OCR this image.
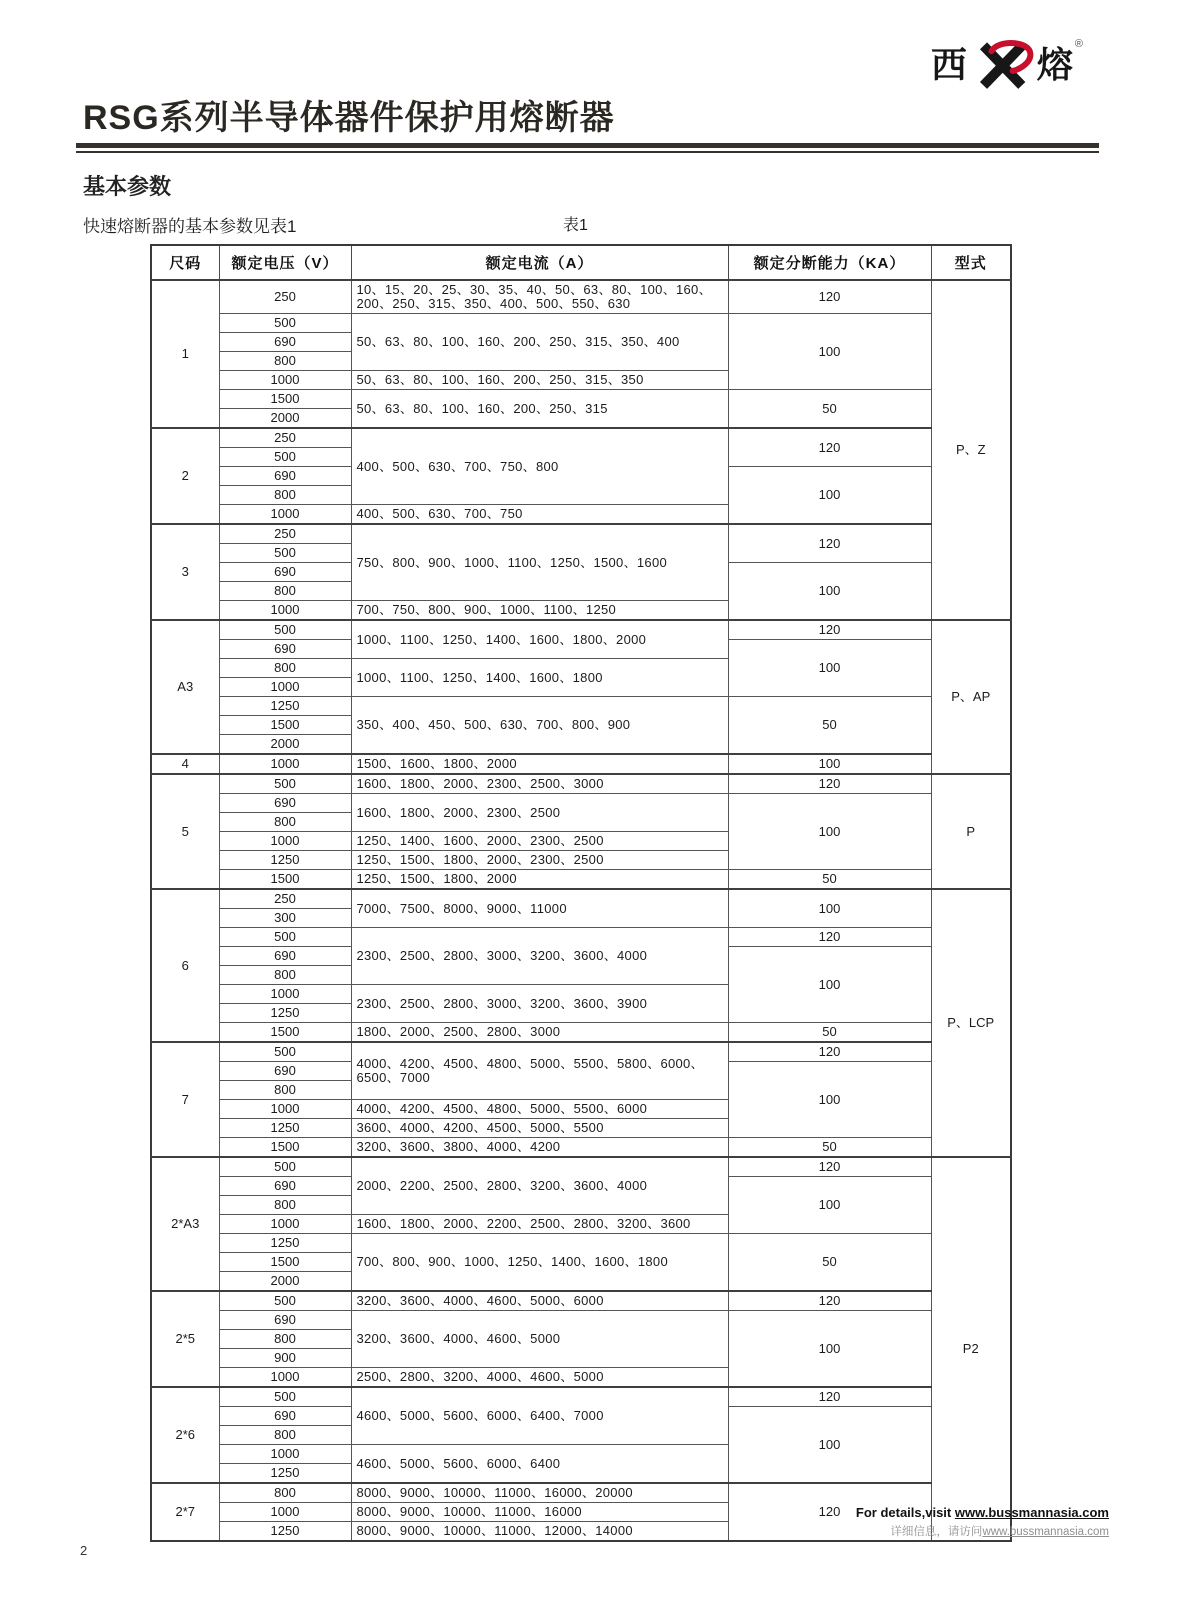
西 熔 ®
RSG系列半导体器件保护用熔断器
基本参数
快速熔断器的基本参数见表1	表1
尺码	额定电压（V）	额定电流（A）	额定分断能力（KA）	型式
1	250	10、15、20、25、30、35、40、50、63、80、100、160、200、250、315、350、400、500、550、630	120	P、Z
	500	50、63、80、100、160、200、250、315、350、400	100	
	690			
	800			
	1000	50、63、80、100、160、200、250、315、350		
	1500	50、63、80、100、160、200、250、315	50	
	2000			
2	250	400、500、630、700、750、800	120	
	500			
	690		100	
	800			
	1000	400、500、630、700、750		
3	250	750、800、900、1000、1100、1250、1500、1600	120	
	500			
	690		100	
	800			
	1000	700、750、800、900、1000、1100、1250		
A3	500	1000、1100、1250、1400、1600、1800、2000	120	P、AP
	690		100	
	800	1000、1100、1250、1400、1600、1800		
	1000			
	1250	350、400、450、500、630、700、800、900	50	
	1500			
	2000			
4	1000	1500、1600、1800、2000	100	
5	500	1600、1800、2000、2300、2500、3000	120	P
	690	1600、1800、2000、2300、2500	100	
	800			
	1000	1250、1400、1600、2000、2300、2500		
	1250	1250、1500、1800、2000、2300、2500		
	1500	1250、1500、1800、2000	50	
6	250	7000、7500、8000、9000、11000	100	P、LCP
	300			
	500	2300、2500、2800、3000、3200、3600、4000	120	
	690		100	
	800			
	1000	2300、2500、2800、3000、3200、3600、3900		
	1250			
	1500	1800、2000、2500、2800、3000	50	
7	500	4000、4200、4500、4800、5000、5500、5800、6000、6500、7000	120	
	690		100	
	800			
	1000	4000、4200、4500、4800、5000、5500、6000		
	1250	3600、4000、4200、4500、5000、5500		
	1500	3200、3600、3800、4000、4200	50	
2*A3	500	2000、2200、2500、2800、3200、3600、4000	120	P2
	690		100	
	800			
	1000	1600、1800、2000、2200、2500、2800、3200、3600		
	1250	700、800、900、1000、1250、1400、1600、1800	50	
	1500			
	2000			
2*5	500	3200、3600、4000、4600、5000、6000	120	
	690	3200、3600、4000、4600、5000	100	
	800			
	900			
	1000	2500、2800、3200、4000、4600、5000		
2*6	500	4600、5000、5600、6000、6400、7000	120	
	690		100	
	800			
	1000	4600、5000、5600、6000、6400		
	1250			
2*7	800	8000、9000、10000、11000、16000、20000	120	
	1000	8000、9000、10000、11000、16000		
	1250	8000、9000、10000、11000、12000、14000		
For details,visit www.bussmannasia.com
详细信息，请访问www.bussmannasia.com
2
